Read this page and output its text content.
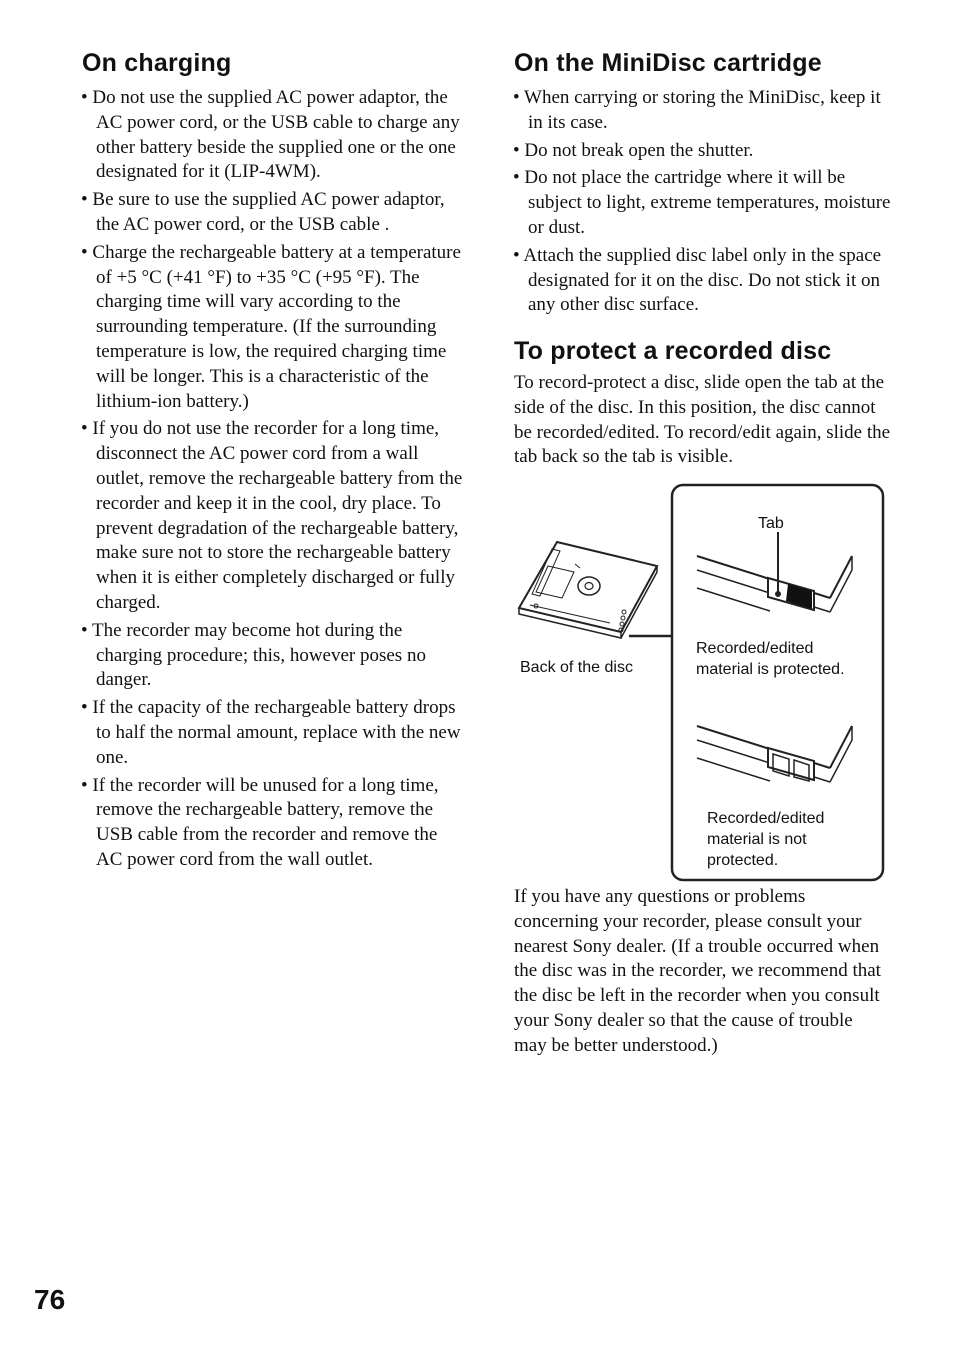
On charging
• Do not use the supplied AC power adaptor, the AC power cord, or the USB cable to charge any other battery beside the supplied one or the one designated for it (LIP-4WM).
• Be sure to use the supplied AC power adaptor, the AC power cord, or the USB cable .
• Charge the rechargeable battery at a temperature of +5 °C (+41 °F) to +35 °C (+95 °F). The charging time will vary according to the surrounding temperature. (If the surrounding temperature is low, the required charging time will be longer. This is a characteristic of the lithium-ion battery.)
• If you do not use the recorder for a long time, disconnect the AC power cord from a wall outlet, remove the rechargeable battery from the recorder and keep it in the cool, dry place. To prevent degradation of the rechargeable battery, make sure not to store the rechargeable battery when it is either completely discharged or fully charged.
• The recorder may become hot during the charging procedure; this, however poses no danger.
• If the capacity of the rechargeable battery drops to half the normal amount, replace with the new one.
• If the recorder will be unused for a long time, remove the rechargeable battery, remove the USB cable from the recorder and remove the AC power cord from the wall outlet.
On the MiniDisc cartridge
• When carrying or storing the MiniDisc, keep it in its case.
• Do not break open the shutter.
• Do not place the cartridge where it will be subject to light, extreme temperatures, moisture or dust.
• Attach the supplied disc label only in the space designated for it on the disc. Do not stick it on any other disc surface.
To protect a recorded disc

To record-protect a disc, slide open the tab at the side of the disc. In this position, the disc cannot be recorded/edited. To record/edit again, slide the tab back so the tab is visible.

Tab
Back of the disc
Recorded/edited
material is protected.
Recorded/edited
material is not
protected.

If you have any questions or problems concerning your recorder, please consult your nearest Sony dealer. (If a trouble occurred when the disc was in the recorder, we recommend that the disc be left in the recorder when you consult your Sony dealer so that the cause of trouble may be better understood.)

76
